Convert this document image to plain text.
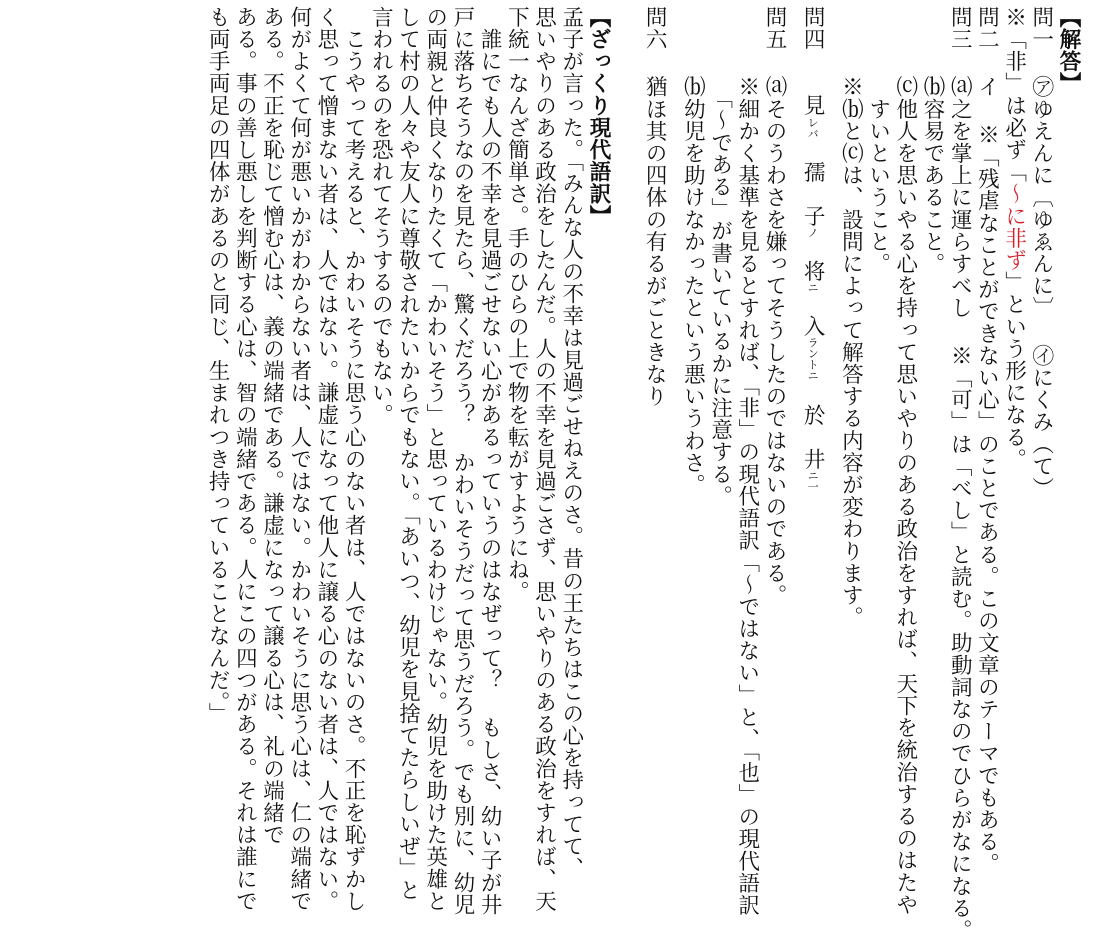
【解答】
問一 ㋐ゆえんに〔ゆゑんに〕 ㋑にくみ（て）
※「非」は必ず「〜に非ず」という形になる。
問二 イ ※「残虐なことができない心」のことである。この文章のテーマでもある。
問三 ⒜之を掌上に運らすべし ※「可」は「べし」と読む。助動詞なのでひらがなになる。
　　 ⒝容易であること。
　　 ⒞他人を思いやる心を持って思いやりのある政治をすれば、天下を統治するのはたや
　　 　すいということ。
　　 ※⒝と⒞は、設問によって解答する内容が変わります。
問四　　見レバ　孺　子ノ　将ニ　入ラントニ　於　井ニ一　
問五 ⒜そのうわさを嫌ってそうしたのではないのである。
　　 ※細かく基準を見るとすれば、「非」の現代語訳「〜ではない」と、「也」の現代語訳
　　 　「〜である」が書いているかに注意する。
　　 ⒝幼児を助けなかったという悪いうわさ。
問六 猶ほ其の四体の有るがごときなり
【ざっくり現代語訳】
孟子が言った。「みんな人の不幸は見過ごせねえのさ。昔の王たちはこの心を持ってて、
思いやりのある政治をしたんだ。人の不幸を見過ごさず、思いやりのある政治をすれば、天
下統一なんざ簡単さ。手のひらの上で物を転がすようにね。
　誰にでも人の不幸を見過ごせない心があるっていうのはなぜって？ もしさ、幼い子が井
戸に落ちそうなのを見たら、驚くだろう？ かわいそうだって思うだろう。でも別に、幼児
の両親と仲良くなりたくて「かわいそう」と思っているわけじゃない。幼児を助けた英雄と
して村の人々や友人に尊敬されたいからでもない。「あいつ、幼児を見捨てたらしいぜ」と
言われるのを恐れてそうするのでもない。
　こうやって考えると、かわいそうに思う心のない者は、人ではないのさ。不正を恥ずかし
く思って憎まない者は、人ではない。謙虚になって他人に譲る心のない者は、人ではない。
何がよくて何が悪いかがわからない者は、人ではない。かわいそうに思う心は、仁の端緒で
ある。不正を恥じて憎む心は、義の端緒である。謙虚になって譲る心は、礼の端緒で
ある。事の善し悪しを判断する心は、智の端緒である。人にこの四つがある。それは誰にで
も両手両足の四体があるのと同じ、生まれつき持っていることなんだ。」
